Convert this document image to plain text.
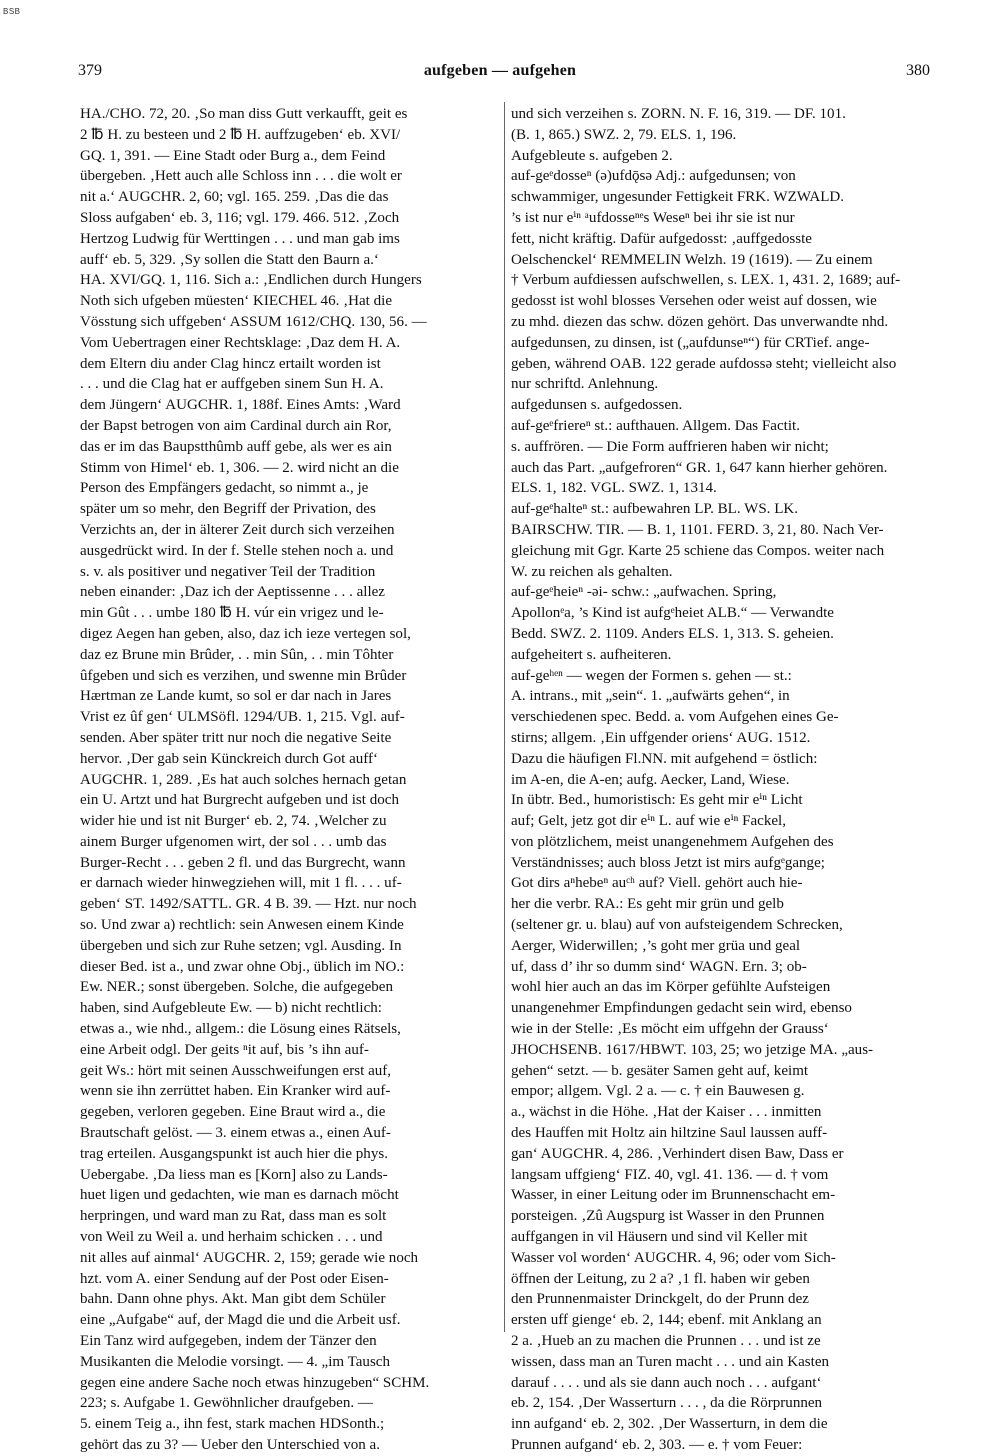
BSB
379	aufgeben — aufgehen	380
HA./CHO. 72, 20. ‚So man diss Gutt verkaufft, geit es
2 ℔ H. zu besteen und 2 ℔ H. auffzugeben‘ eb. XVI/
GQ. 1, 391. — Eine Stadt oder Burg a., dem Feind
übergeben. ‚Hett auch alle Schloss inn . . . die wolt er
nit a.‘ AUGCHR. 2, 60; vgl. 165. 259. ‚Das die das
Sloss aufgaben‘ eb. 3, 116; vgl. 179. 466. 512. ‚Zoch
Hertzog Ludwig für Werttingen . . . und man gab ims
auff‘ eb. 5, 329. ‚Sy sollen die Statt den Baurn a.‘
HA. XVI/GQ. 1, 116. Sich a.: ‚Endlichen durch Hungers
Noth sich ufgeben müesten‘ KIECHEL 46. ‚Hat die
Vösstung sich uffgeben‘ ASSUM 1612/CHQ. 130, 56. —
Vom Uebertragen einer Rechtsklage: ‚Daz dem H. A.
dem Eltern diu ander Clag hincz ertailt worden ist
. . . und die Clag hat er auffgeben sinem Sun H. A.
dem Jüngern‘ AUGCHR. 1, 188f. Eines Amts: ‚Ward
der Bapst betrogen von aim Cardinal durch ain Ror,
das er im das Baupstthûmb auff gebe, als wer es ain
Stimm von Himel‘ eb. 1, 306. — 2. wird nicht an die
Person des Empfängers gedacht, so nimmt a., je
später um so mehr, den Begriff der Privation, des
Verzichts an, der in älterer Zeit durch sich verzeihen
ausgedrückt wird. In der f. Stelle stehen noch a. und
s. v. als positiver und negativer Teil der Tradition
neben einander: ‚Daz ich der Aeptissenne . . . allez
min Gût . . . umbe 180 ℔ H. vúr ein vrigez und le-
digez Aegen han geben, also, daz ich ieze vertegen sol,
daz ez Brune min Brûder, . . min Sûn, . . min Tôhter
ûfgeben und sich es verzihen, und swenne min Brûder
Hærtman ze Lande kumt, so sol er dar nach in Jares
Vrist ez ûf gen‘ ULMSöfl. 1294/UB. 1, 215. Vgl. auf-
senden. Aber später tritt nur noch die negative Seite
hervor. ‚Der gab sein Künckreich durch Got auff‘
AUGCHR. 1, 289. ‚Es hat auch solches hernach getan
ein U. Artzt und hat Burgrecht aufgeben und ist doch
wider hie und ist nit Burger‘ eb. 2, 74. ‚Welcher zu
ainem Burger ufgenomen wirt, der sol . . . umb das
Burger-Recht . . . geben 2 fl. und das Burgrecht, wann
er darnach wieder hinwegziehen will, mit 1 fl. . . . uf-
geben‘ ST. 1492/SATTL. GR. 4 B. 39. — Hzt. nur noch
so. Und zwar a) rechtlich: sein Anwesen einem Kinde
übergeben und sich zur Ruhe setzen; vgl. Ausding. In
dieser Bed. ist a., und zwar ohne Obj., üblich im NO.:
Ew. NER.; sonst übergeben. Solche, die aufgegeben
haben, sind Aufgebleute Ew. — b) nicht rechtlich:
etwas a., wie nhd., allgem.: die Lösung eines Rätsels,
eine Arbeit odgl. Der geits ⁿit auf, bis ’s ihn auf-
geit Ws.: hört mit seinen Ausschweifungen erst auf,
wenn sie ihn zerrüttet haben. Ein Kranker wird auf-
gegeben, verloren gegeben. Eine Braut wird a., die
Brautschaft gelöst. — 3. einem etwas a., einen Auf-
trag erteilen. Ausgangspunkt ist auch hier die phys.
Uebergabe. ‚Da liess man es [Korn] also zu Lands-
huet ligen und gedachten, wie man es darnach möcht
herpringen, und ward man zu Rat, dass man es solt
von Weil zu Weil a. und herhaim schicken . . . und
nit alles auf ainmal‘ AUGCHR. 2, 159; gerade wie noch
hzt. vom A. einer Sendung auf der Post oder Eisen-
bahn. Dann ohne phys. Akt. Man gibt dem Schüler
eine „Aufgabe“ auf, der Magd die und die Arbeit usf.
Ein Tanz wird aufgegeben, indem der Tänzer den
Musikanten die Melodie vorsingt. — 4. „im Tausch
gegen eine andere Sache noch etwas hinzugeben“ SCHM.
223; s. Aufgabe 1. Gewöhnlicher draufgeben. —
5. einem Teig a., ihn fest, stark machen HDSonth.;
gehört das zu 3? — Ueber den Unterschied von a.
und sich verzeihen s. ZORN. N. F. 16, 319. — DF. 101.
(B. 1, 865.) SWZ. 2, 79. ELS. 1, 196.
Aufgebleute s. aufgeben 2.
auf-geᵉdosseⁿ (ə)ufdǭsə Adj.: aufgedunsen; von
schwammiger, ungesunder Fettigkeit FRK. WZWALD.
’s ist nur eⁱⁿ ᵃufdosseⁿᵉs Weseⁿ bei ihr sie ist nur
fett, nicht kräftig. Dafür aufgedosst: ‚auffgedosste
Oelschenckel‘ REMMELIN Welzh. 19 (1619). — Zu einem
† Verbum aufdiessen aufschwellen, s. LEX. 1, 431. 2, 1689; auf-
gedosst ist wohl blosses Versehen oder weist auf dossen, wie
zu mhd. diezen das schw. dözen gehört. Das unverwandte nhd.
aufgedunsen, zu dinsen, ist („aufdunseⁿ“) für CRTief. ange-
geben, während OAB. 122 gerade aufdossə steht; vielleicht also
nur schriftd. Anlehnung.
aufgedunsen s. aufgedossen.
auf-geᵉfriereⁿ st.: aufthauen. Allgem. Das Factit.
s. auffrören. — Die Form auffrieren haben wir nicht;
auch das Part. „aufgefroren“ GR. 1, 647 kann hierher gehören.
ELS. 1, 182. VGL. SWZ. 1, 1314.
auf-geᵉhalteⁿ st.: aufbewahren LP. BL. WS. LK.
BAIRSCHW. TIR. — B. 1, 1101. FERD. 3, 21, 80. Nach Ver-
gleichung mit Ggr. Karte 25 schiene das Compos. weiter nach
W. zu reichen als gehalten.
auf-geᵉheieⁿ -əi- schw.: „aufwachen. Spring,
Apollonᵉa, ’s Kind ist aufgᵉheiet ALB.“ — Verwandte
Bedd. SWZ. 2. 1109. Anders ELS. 1, 313. S. geheien.
aufgeheitert s. aufheiteren.
auf-geʰᵉⁿ — wegen der Formen s. gehen — st.:
A. intrans., mit „sein“. 1. „aufwärts gehen“, in
verschiedenen spec. Bedd. a. vom Aufgehen eines Ge-
stirns; allgem. ‚Ein uffgender oriens‘ AUG. 1512.
Dazu die häufigen Fl.NN. mit aufgehend = östlich:
im A-en, die A-en; aufg. Aecker, Land, Wiese.
In übtr. Bed., humoristisch: Es geht mir eⁱⁿ Licht
auf; Gelt, jetz got dir eⁱⁿ L. auf wie eⁱⁿ Fackel,
von plötzlichem, meist unangenehmem Aufgehen des
Verständnisses; auch bloss Jetzt ist mirs aufgᵉgange;
Got dirs aⁿhebeⁿ auᶜʰ auf? Viell. gehört auch hie-
her die verbr. RA.: Es geht mir grün und gelb
(seltener gr. u. blau) auf von aufsteigendem Schrecken,
Aerger, Widerwillen; ‚’s goht mer grüa und geal
uf, dass d’ ihr so dumm sind‘ WAGN. Ern. 3; ob-
wohl hier auch an das im Körper gefühlte Aufsteigen
unangenehmer Empfindungen gedacht sein wird, ebenso
wie in der Stelle: ‚Es möcht eim uffgehn der Grauss‘
JHOCHSENB. 1617/HBWT. 103, 25; wo jetzige MA. „aus-
gehen“ setzt. — b. gesäter Samen geht auf, keimt
empor; allgem. Vgl. 2 a. — c. † ein Bauwesen g.
a., wächst in die Höhe. ‚Hat der Kaiser . . . inmitten
des Hauffen mit Holtz ain hiltzine Saul laussen auff-
gan‘ AUGCHR. 4, 286. ‚Verhindert disen Baw, Dass er
langsam uffgieng‘ FIZ. 40, vgl. 41. 136. — d. † vom
Wasser, in einer Leitung oder im Brunnenschacht em-
porsteigen. ‚Zû Augspurg ist Wasser in den Prunnen
auffgangen in vil Häusern und sind vil Keller mit
Wasser vol worden‘ AUGCHR. 4, 96; oder vom Sich-
öffnen der Leitung, zu 2 a? ‚1 fl. haben wir geben
den Prunnenmaister Drinckgelt, do der Prunn dez
ersten uff gienge‘ eb. 2, 144; ebenf. mit Anklang an
2 a. ‚Hueb an zu machen die Prunnen . . . und ist ze
wissen, dass man an Turen macht . . . und ain Kasten
darauf . . . . und als sie dann auch noch . . . aufgant‘
eb. 2, 154. ‚Der Wasserturn . . . , da die Rörprunnen
inn aufgand‘ eb. 2, 302. ‚Der Wasserturn, in dem die
Prunnen aufgand‘ eb. 2, 303. — e. † vom Feuer:
